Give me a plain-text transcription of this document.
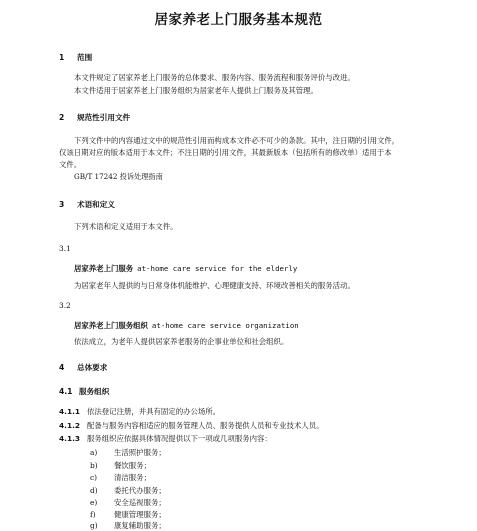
居家养老上门服务基本规范
1 范围
本文件规定了居家养老上门服务的总体要求、服务内容、服务流程和服务评价与改进。
本文件适用于居家养老上门服务组织为居家老年人提供上门服务及其管理。
2 规范性引用文件
下列文件中的内容通过文中的规范性引用而构成本文件必不可少的条款。其中，注日期的引用文件，
仅该日期对应的版本适用于本文件；不注日期的引用文件，其最新版本（包括所有的修改单）适用于本
文件。
GB/T 17242 投诉处理指南
3 术语和定义
下列术语和定义适用于本文件。
3.1
居家养老上门服务 at-home care service for the elderly
为居家老年人提供的与日常身体机能维护、心理健康支持、环境改善相关的服务活动。
3.2
居家养老上门服务组织 at-home care service organization
依法成立，为老年人提供居家养老服务的企事业单位和社会组织。
4 总体要求
4.1 服务组织
4.1.1 依法登记注册，并具有固定的办公场所。
4.1.2 配备与服务内容相适应的服务管理人员、服务提供人员和专业技术人员。
4.1.3 服务组织应依据具体情况提供以下一项或几项服务内容：
a) 生活照护服务；
b) 餐饮服务；
c) 清洁服务；
d) 委托代办服务；
e) 安全巡视服务；
f) 健康管理服务；
g) 康复辅助服务；
